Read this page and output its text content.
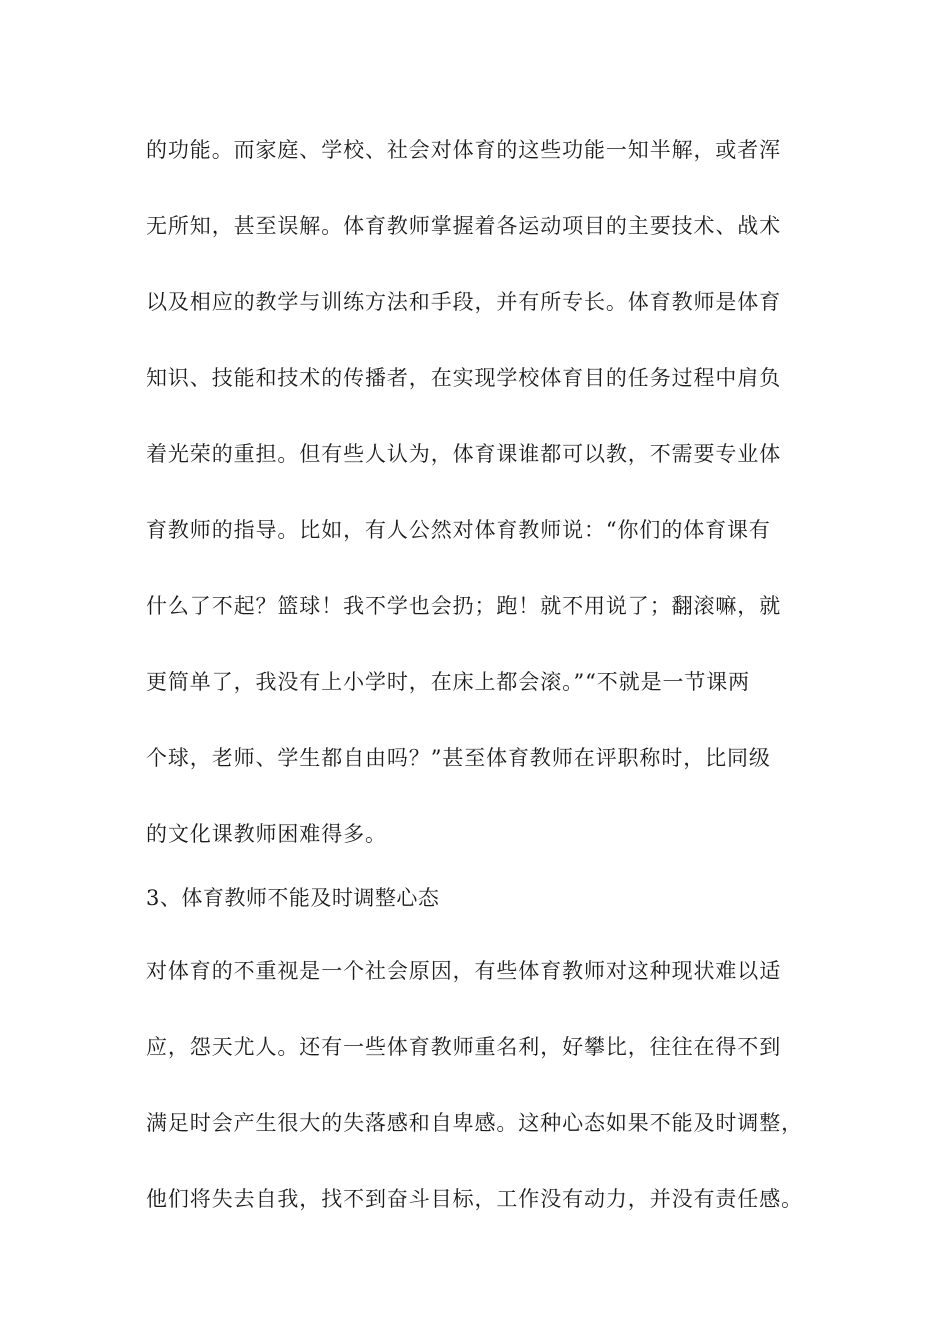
的功能。而家庭、学校、社会对体育的这些功能一知半解，或者浑
无所知，甚至误解。体育教师掌握着各运动项目的主要技术、战术
以及相应的教学与训练方法和手段，并有所专长。体育教师是体育
知识、技能和技术的传播者，在实现学校体育目的任务过程中肩负
着光荣的重担。但有些人认为，体育课谁都可以教，不需要专业体
育教师的指导。比如，有人公然对体育教师说：“你们的体育课有
什么了不起？篮球！我不学也会扔；跑！就不用说了；翻滚嘛，就
更简单了，我没有上小学时，在床上都会滚。”“不就是一节课两
个球，老师、学生都自由吗？”甚至体育教师在评职称时，比同级
的文化课教师困难得多。
3、体育教师不能及时调整心态
对体育的不重视是一个社会原因，有些体育教师对这种现状难以适
应，怨天尤人。还有一些体育教师重名利，好攀比，往往在得不到
满足时会产生很大的失落感和自卑感。这种心态如果不能及时调整，
他们将失去自我，找不到奋斗目标，工作没有动力，并没有责任感。
